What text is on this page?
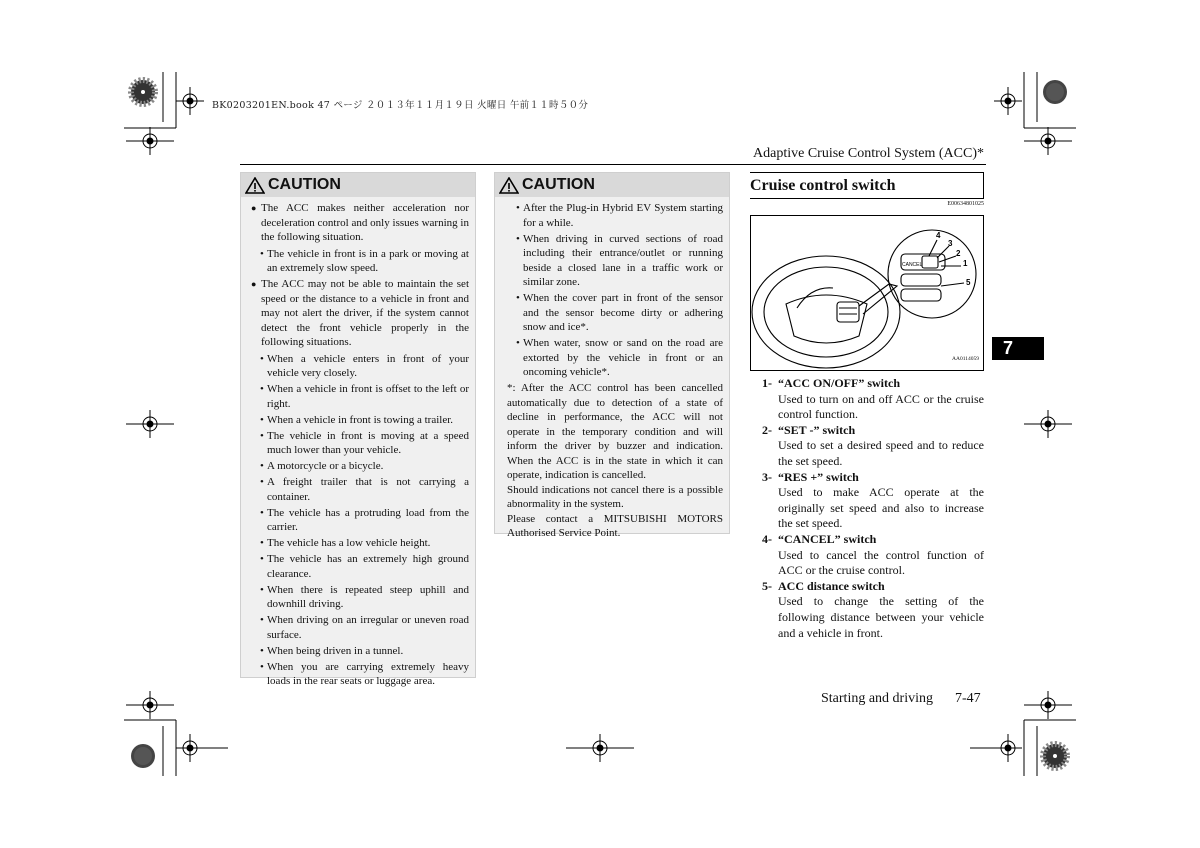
BK0203201EN.book 47 ページ ２０１３年１１月１９日 火曜日 午前１１時５０分
Adaptive Cruise Control System (ACC)*
CAUTION
● The ACC makes neither acceleration nor deceleration control and only issues warning in the following situation.
• The vehicle in front is in a park or moving at an extremely slow speed.
● The ACC may not be able to maintain the set speed or the distance to a vehicle in front and may not alert the driver, if the system cannot detect the front vehicle properly in the following situations.
• When a vehicle enters in front of your vehicle very closely.
• When a vehicle in front is offset to the left or right.
• When a vehicle in front is towing a trailer.
• The vehicle in front is moving at a speed much lower than your vehicle.
• A motorcycle or a bicycle.
• A freight trailer that is not carrying a container.
• The vehicle has a protruding load from the carrier.
• The vehicle has a low vehicle height.
• The vehicle has an extremely high ground clearance.
• When there is repeated steep uphill and downhill driving.
• When driving on an irregular or uneven road surface.
• When being driven in a tunnel.
• When you are carrying extremely heavy loads in the rear seats or luggage area.
CAUTION
• After the Plug-in Hybrid EV System starting for a while.
• When driving in curved sections of road including their entrance/outlet or running beside a closed lane in a traffic work or similar zone.
• When the cover part in front of the sensor and the sensor become dirty or adhering snow and ice*.
• When water, snow or sand on the road are extorted by the vehicle in front or an oncoming vehicle*.
*: After the ACC control has been cancelled automatically due to detection of a state of decline in performance, the ACC will not operate in the temporary condition and will inform the driver by buzzer and indication. When the ACC is in the state in which it can operate, indication is cancelled.
Should indications not cancel there is a possible abnormality in the system.
Please contact a MITSUBISHI MOTORS Authorised Service Point.
Cruise control switch
E00634801025
4
3
2
1
5
CANCEL
AA0114059
1- “ACC ON/OFF” switch
Used to turn on and off ACC or the cruise control function.
2- “SET -” switch
Used to set a desired speed and to reduce the set speed.
3- “RES +” switch
Used to make ACC operate at the originally set speed and also to increase the set speed.
4- “CANCEL” switch
Used to cancel the control function of ACC or the cruise control.
5- ACC distance switch
Used to change the setting of the following distance between your vehicle and a vehicle in front.
7
Starting and driving 7-47
